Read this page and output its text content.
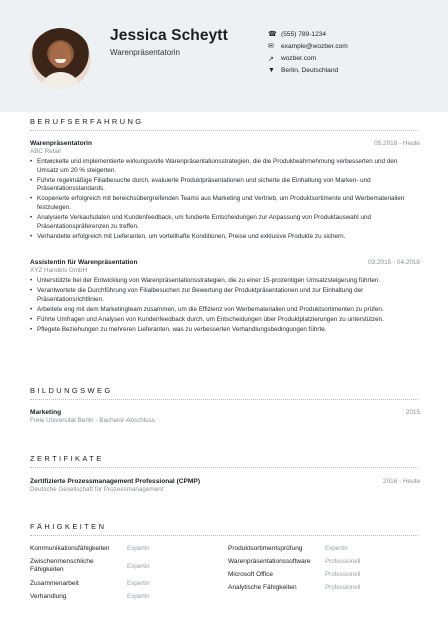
Jessica Scheytt
Warenpräsentatorin
☎ (555) 789-1234
✉	example@wozber.com
↗	wozber.com
▼ Berlin, Deutschland
BERUFSERFAHRUNG
Warenpräsentatorin	05.2018 - Heute
ABC Retail
• Entwickelte und implementierte wirkungsvolle Warenpräsentationsstrategien, die die Produktwahrnehmung verbesserten und den Umsatz um 20 % steigerten.
• Führte regelmäßige Filialbesuche durch, evaluierte Produktpräsentationen und sicherte die Einhaltung von Marken- und Präsentationsstandards.
• Kooperierte erfolgreich mit bereichsübergreifenden Teams aus Marketing und Vertrieb, um Produktsortimente und Werbematerialien festzulegen.
• Analysierte Verkaufsdaten und Kundenfeedback, um fundierte Entscheidungen zur Anpassung von Produktauswahl und Präsentationspräferenzen zu treffen.
• Verhandelte erfolgreich mit Lieferanten, um vorteilhafte Konditionen, Preise und exklusive Produkte zu sichern.
Assistentin für Warenpräsentation	03.2015 - 04.2018
XYZ Handels GmbH
• Unterstützte bei der Entwicklung von Warenpräsentationsstrategien, die zu einer 15-prozentigen Umsatzsteigerung führten.
• Verantwortete die Durchführung von Filialbesuchen zur Bewertung der Produktpräsentationen und zur Einhaltung der Präsentationsrichtlinien.
• Arbeitete eng mit dem Marketingteam zusammen, um die Effizienz von Werbematerialien und Produktsortimenten zu prüfen.
• Führte Umfragen und Analysen von Kundenfeedback durch, um Entscheidungen über Produktplatzierungen zu unterstützen.
• Pflegete Beziehungen zu mehreren Lieferanten, was zu verbesserten Verhandlungsbedingungen führte.
BILDUNGSWEG
Marketing	2015
Freie Universität Berlin - Bachelor-Abschluss
ZERTIFIKATE
Zertifizierte Prozessmanagement Professional (CPMP)	2016 - Heute
Deutsche Gesellschaft für Prozessmanagement
FÄHIGKEITEN
Kommunikationsfähigkeiten	Expertin
Zwischenmenschliche Fähigkeiten	Expertin
Zusammenarbeit	Expertin
Verhandlung	Expertin
Produktsortimentsprüfung	Expertin
Warenpräsentationssoftware	Professionell
Microsoft Office	Professionell
Analytische Fähigkeiten	Professionell
